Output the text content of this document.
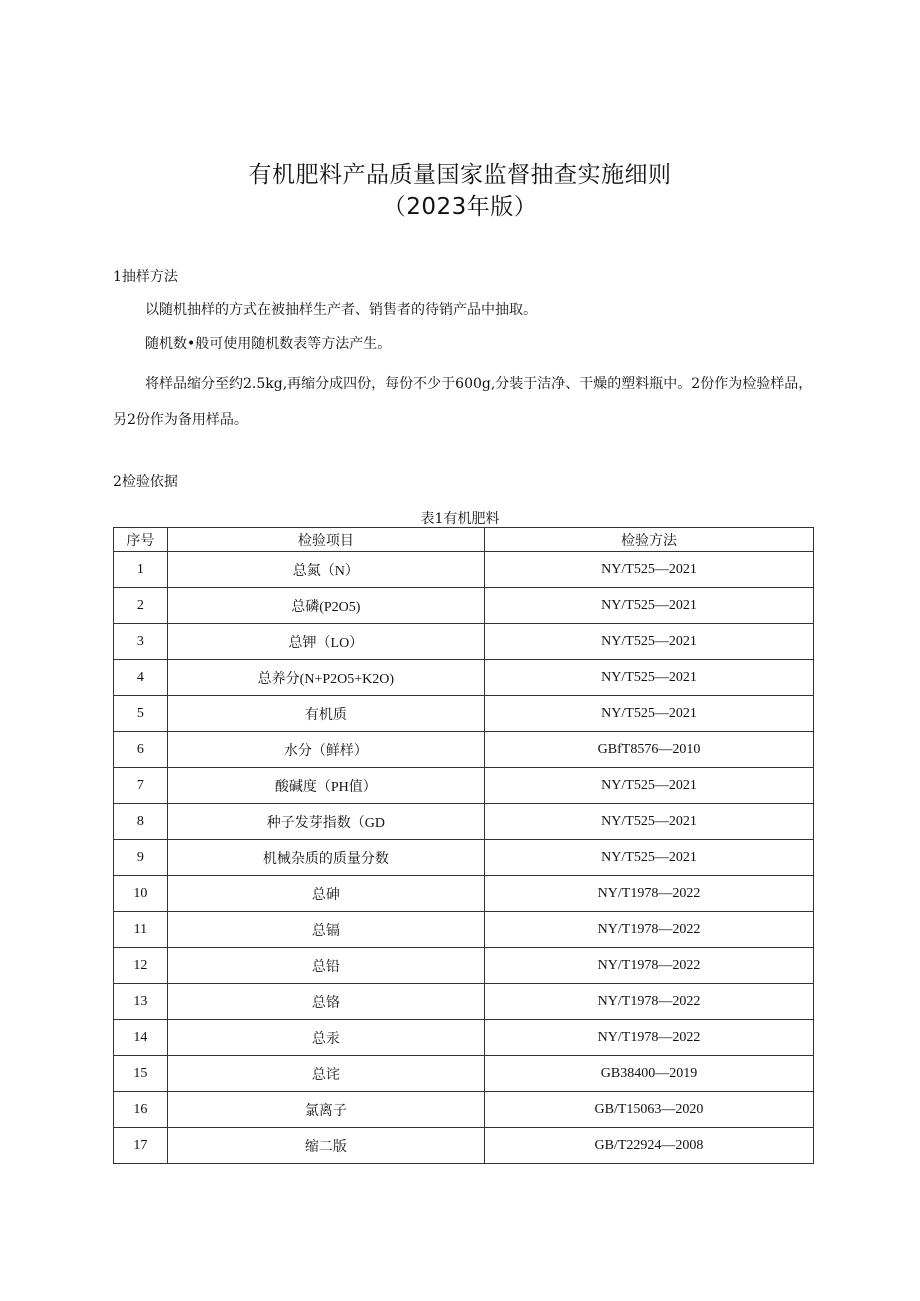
有机肥料产品质量国家监督抽查实施细则
（2023年版）
1抽样方法
以随机抽样的方式在被抽样生产者、销售者的待销产品中抽取。
随机数•般可使用随机数表等方法产生。
将样品缩分至约2.5kg,再缩分成四份，每份不少于600g,分装于洁净、干燥的塑料瓶中。2份作为检验样品，另2份作为备用样品。
2检验依据
表1有机肥料
序号	检验项目	检验方法
1	总氮（N）	NY/T525—2021
2	总磷(P2O5)	NY/T525—2021
3	总钾（LO）	NY/T525—2021
4	总养分(N+P2O5+K2O)	NY/T525—2021
5	有机质	NY/T525—2021
6	水分（鲜样）	GBfT8576—2010
7	酸碱度（PH值）	NY/T525—2021
8	种子发芽指数（GD	NY/T525—2021
9	机械杂质的质量分数	NY/T525—2021
10	总砷	NY/T1978—2022
11	总镉	NY/T1978—2022
12	总铅	NY/T1978—2022
13	总铬	NY/T1978—2022
14	总汞	NY/T1978—2022
15	总诧	GB38400—2019
16	氯离子	GB/T15063—2020
17	缩二版	GB/T22924—2008
